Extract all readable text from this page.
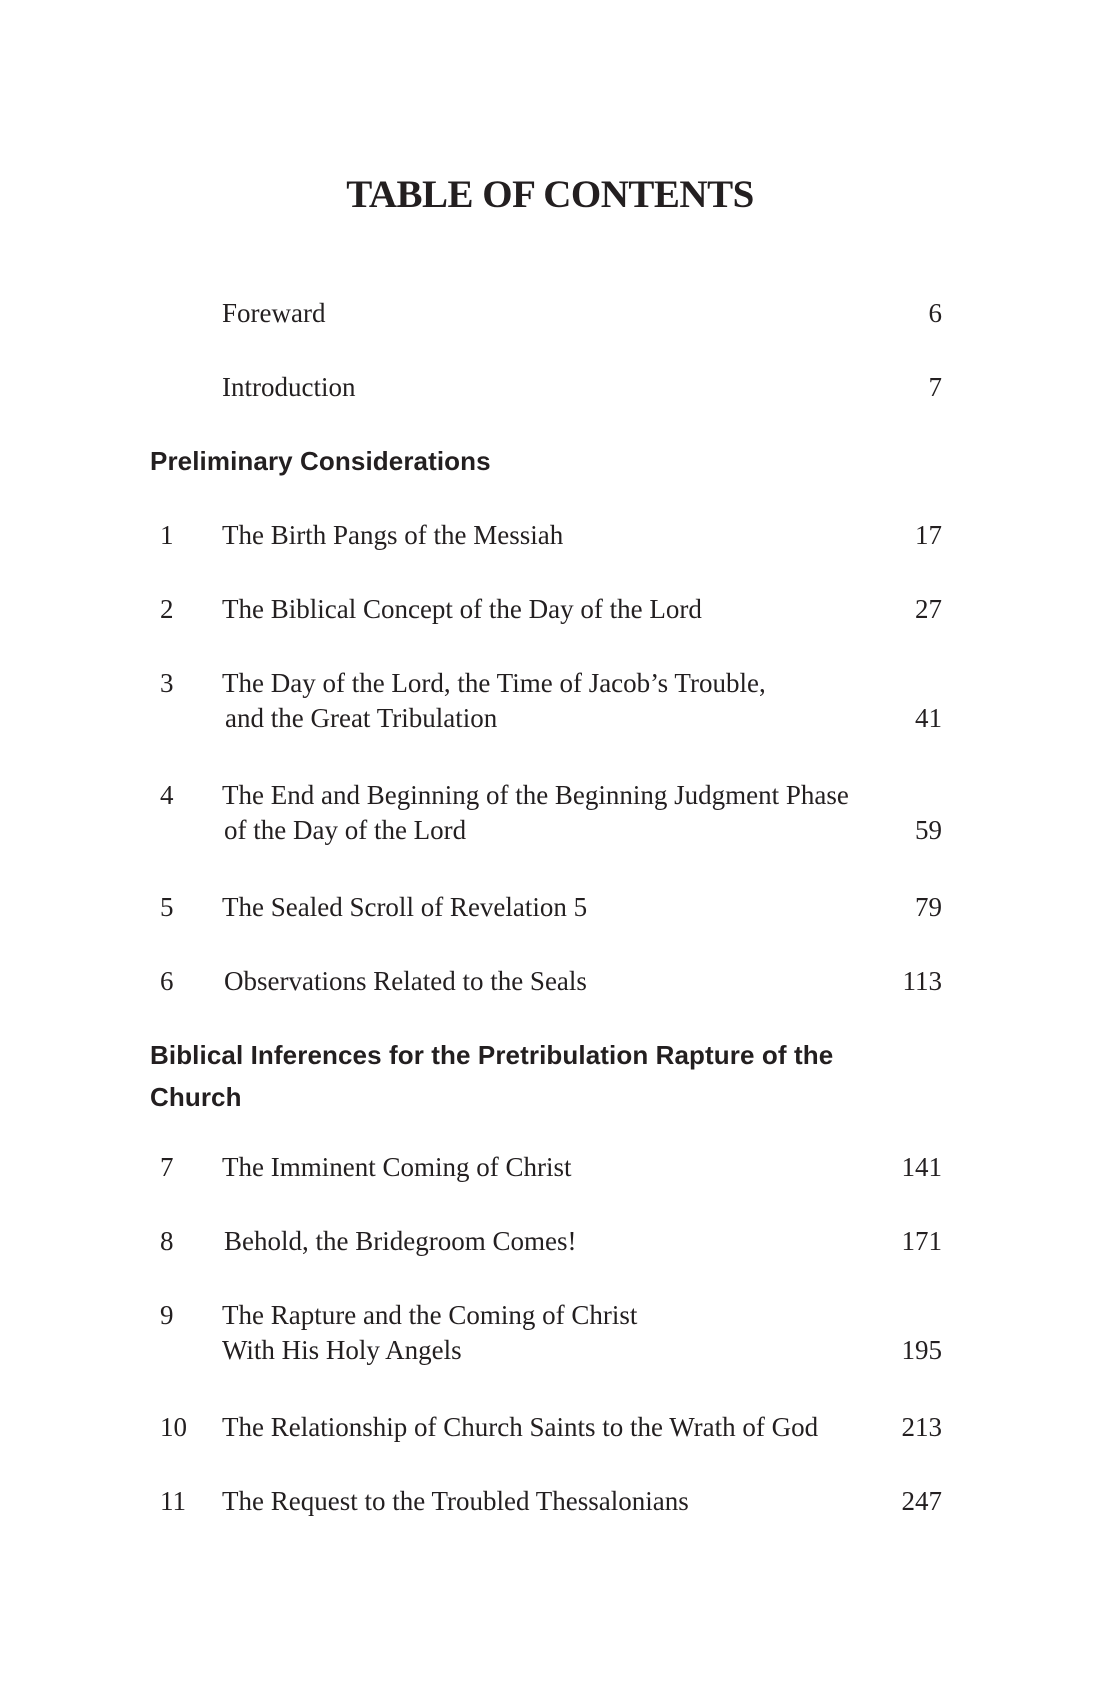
TABLE OF CONTENTS
Foreward	6
Introduction	7
Preliminary Considerations
1	The Birth Pangs of the Messiah	17
2	The Biblical Concept of the Day of the Lord	27
3	The Day of the Lord, the Time of Jacob’s Trouble,
and the Great Tribulation	41
4	The End and Beginning of the Beginning Judgment Phase
of the Day of the Lord	59
5	The Sealed Scroll of Revelation 5	79
6	Observations Related to the Seals	113
Biblical Inferences for the Pretribulation Rapture of the
Church
7	The Imminent Coming of Christ	141
8	Behold, the Bridegroom Comes!	171
9	The Rapture and the Coming of Christ
With His Holy Angels	195
10	The Relationship of Church Saints to the Wrath of God	213
11	The Request to the Troubled Thessalonians	247
